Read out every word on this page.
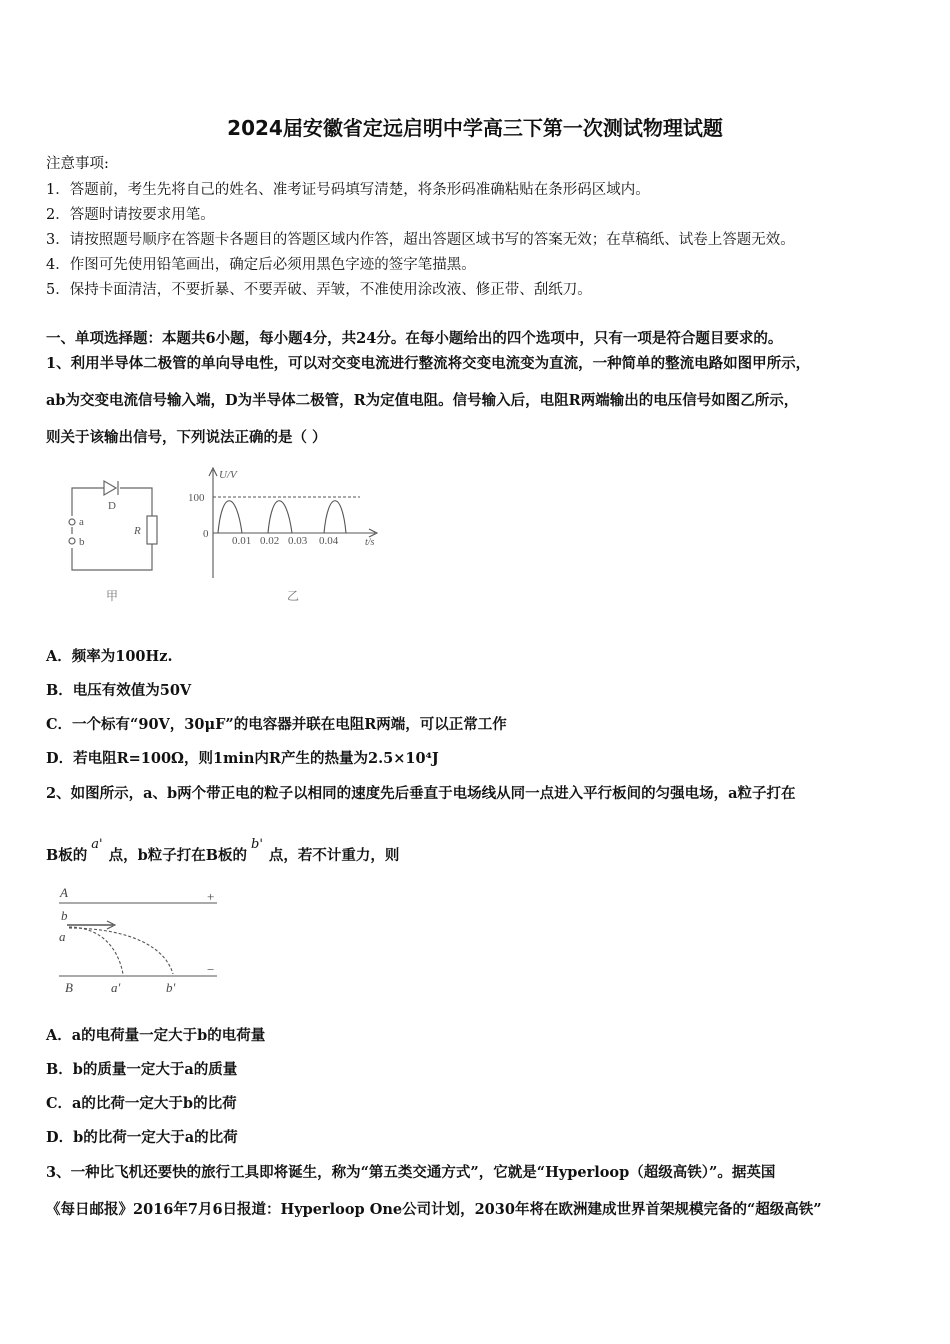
2024届安徽省定远启明中学高三下第一次测试物理试题
注意事项:
1．答题前，考生先将自己的姓名、准考证号码填写清楚，将条形码准确粘贴在条形码区域内。
2．答题时请按要求用笔。
3．请按照题号顺序在答题卡各题目的答题区域内作答，超出答题区域书写的答案无效；在草稿纸、试卷上答题无效。
4．作图可先使用铅笔画出，确定后必须用黑色字迹的签字笔描黑。
5．保持卡面清洁，不要折暴、不要弄破、弄皱，不准使用涂改液、修正带、刮纸刀。
一、单项选择题：本题共6小题，每小题4分，共24分。在每小题给出的四个选项中，只有一项是符合题目要求的。
1、利用半导体二极管的单向导电性，可以对交变电流进行整流将交变电流变为直流，一种简单的整流电路如图甲所示，
ab为交变电流信号输入端，D为半导体二极管，R为定值电阻。信号输入后，电阻R两端输出的电压信号如图乙所示，
则关于该输出信号，下列说法正确的是（ ）
D
R
a
b
甲
U/V
t/s
100
0
0.01 0.02 0.03 0.04
乙
A．频率为100Hz.
B．电压有效值为50V
C．一个标有“90V，30μF”的电容器并联在电阻R两端，可以正常工作
D．若电阻R=100Ω，则1min内R产生的热量为2.5×10⁴J
2、如图所示，a、b两个带正电的粒子以相同的速度先后垂直于电场线从同一点进入平行板间的匀强电场，a粒子打在
B板的a'点，b粒子打在B板的b'点，若不计重力，则
A	+
b
a
−
B	a′	b′
A．a的电荷量一定大于b的电荷量
B．b的质量一定大于a的质量
C．a的比荷一定大于b的比荷
D．b的比荷一定大于a的比荷
3、一种比飞机还要快的旅行工具即将诞生，称为“第五类交通方式”，它就是“Hyperloop（超级高铁）”。据英国
《每日邮报》2016年7月6日报道：Hyperloop One公司计划，2030年将在欧洲建成世界首架规模完备的“超级高铁”
